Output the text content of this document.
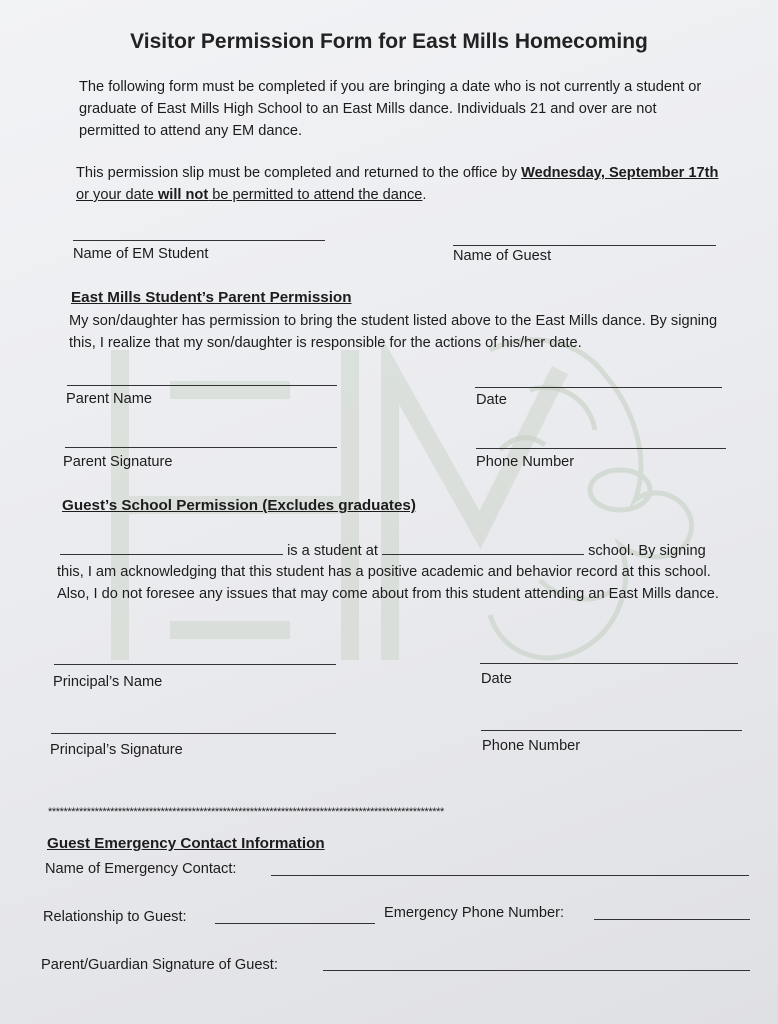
Visitor Permission Form for East Mills Homecoming

The following form must be completed if you are bringing a date who is not currently a student or graduate of East Mills High School to an East Mills dance. Individuals 21 and over are not permitted to attend any EM dance.

This permission slip must be completed and returned to the office by Wednesday, September 17th or your date will not be permitted to attend the dance.

Name of EM Student	Name of Guest
East Mills Student’s Parent Permission

My son/daughter has permission to bring the student listed above to the East Mills dance. By signing this, I realize that my son/daughter is responsible for the actions of his/her date.

Parent Name	Date
Parent Signature	Phone Number
Guest’s School Permission (Excludes graduates)
is a student at	school. By signing

this, I am acknowledging that this student has a positive academic and behavior record at this school. Also, I do not foresee any issues that may come about from this student attending an East Mills dance.

Principal’s Name	Date
Principal’s Signature	Phone Number
******************************************************************************************************
Guest Emergency Contact Information
Name of Emergency Contact:
Relationship to Guest:	Emergency Phone Number:
Parent/Guardian Signature of Guest:
